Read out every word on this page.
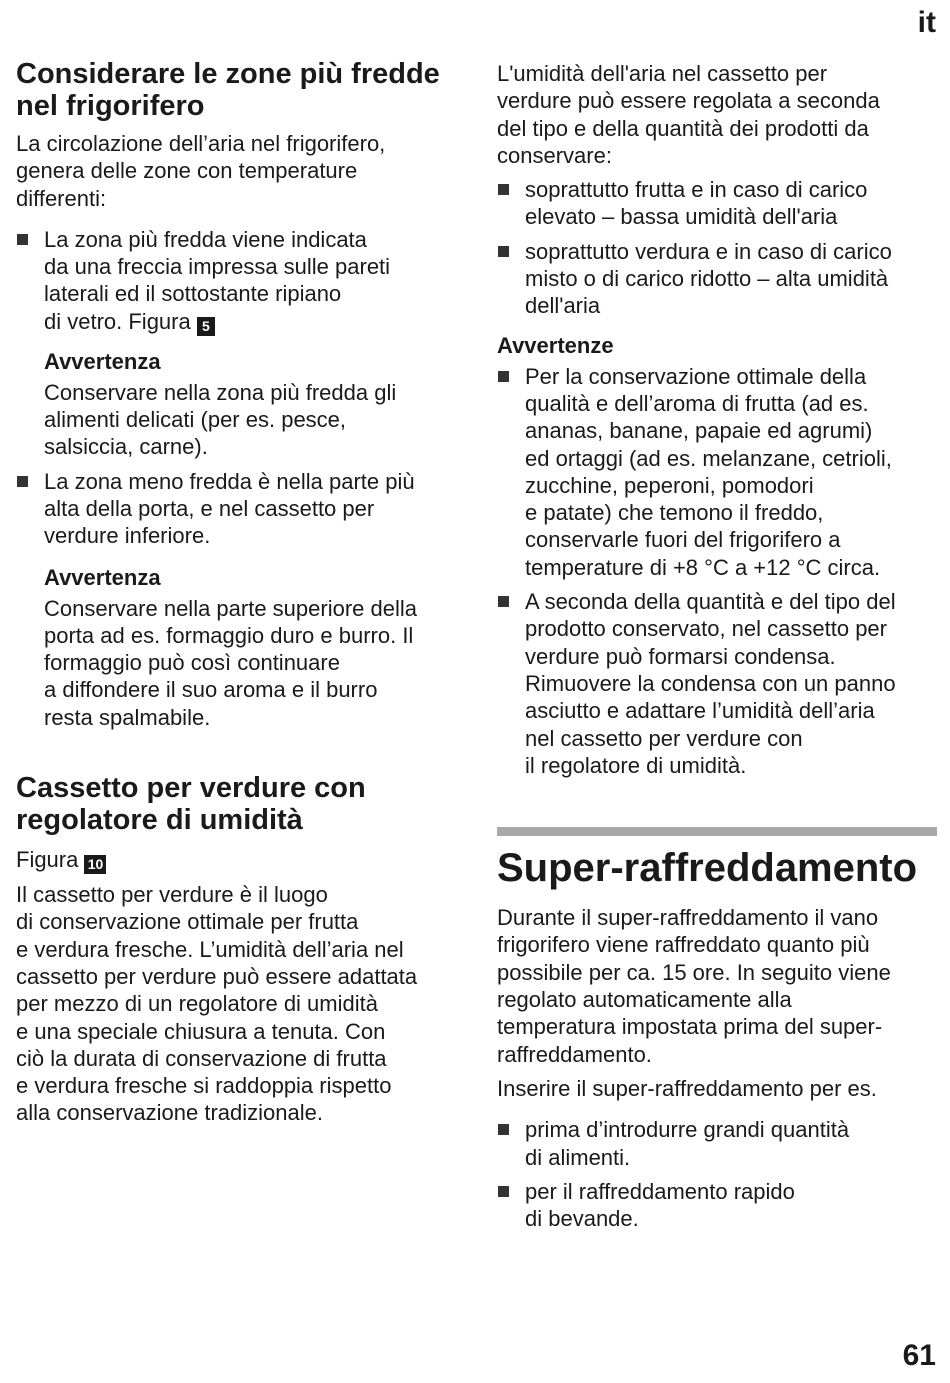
it
Considerare le zone più fredde
nel frigorifero

La circolazione dell’aria nel frigorifero,
genera delle zone con temperature
differenti:

La zona più fredda viene indicata
da una freccia impressa sulle pareti
laterali ed il sottostante ripiano
di vetro. Figura 5
Avvertenza

Conservare nella zona più fredda gli
alimenti delicati (per es. pesce,
salsiccia, carne).

La zona meno fredda è nella parte più
alta della porta, e nel cassetto per
verdure inferiore.
Avvertenza

Conservare nella parte superiore della
porta ad es. formaggio duro e burro. Il
formaggio può così continuare
a diffondere il suo aroma e il burro
resta spalmabile.

Cassetto per verdure con
regolatore di umidità

Figura 10

Il cassetto per verdure è il luogo
di conservazione ottimale per frutta
e verdura fresche. L’umidità dell’aria nel
cassetto per verdure può essere adattata
per mezzo di un regolatore di umidità
e una speciale chiusura a tenuta. Con
ciò la durata di conservazione di frutta
e verdura fresche si raddoppia rispetto
alla conservazione tradizionale.

L'umidità dell'aria nel cassetto per
verdure può essere regolata a seconda
del tipo e della quantità dei prodotti da
conservare:

soprattutto frutta e in caso di carico
elevato – bassa umidità dell'aria
soprattutto verdura e in caso di carico
misto o di carico ridotto – alta umidità
dell'aria
Avvertenze
Per la conservazione ottimale della
qualità e dell’aroma di frutta (ad es.
ananas, banane, papaie ed agrumi)
ed ortaggi (ad es. melanzane, cetrioli,
zucchine, peperoni, pomodori
e patate) che temono il freddo,
conservarle fuori del frigorifero a
temperature di +8 °C a +12 °C circa.
A seconda della quantità e del tipo del
prodotto conservato, nel cassetto per
verdure può formarsi condensa.
Rimuovere la condensa con un panno
asciutto e adattare l’umidità dell’aria
nel cassetto per verdure con
il regolatore di umidità.
Super-raffreddamento

Durante il super-raffreddamento il vano
frigorifero viene raffreddato quanto più
possibile per ca. 15 ore. In seguito viene
regolato automaticamente alla
temperatura impostata prima del super-
raffreddamento.

Inserire il super-raffreddamento per es.

prima d’introdurre grandi quantità
di alimenti.
per il raffreddamento rapido
di bevande.
61
